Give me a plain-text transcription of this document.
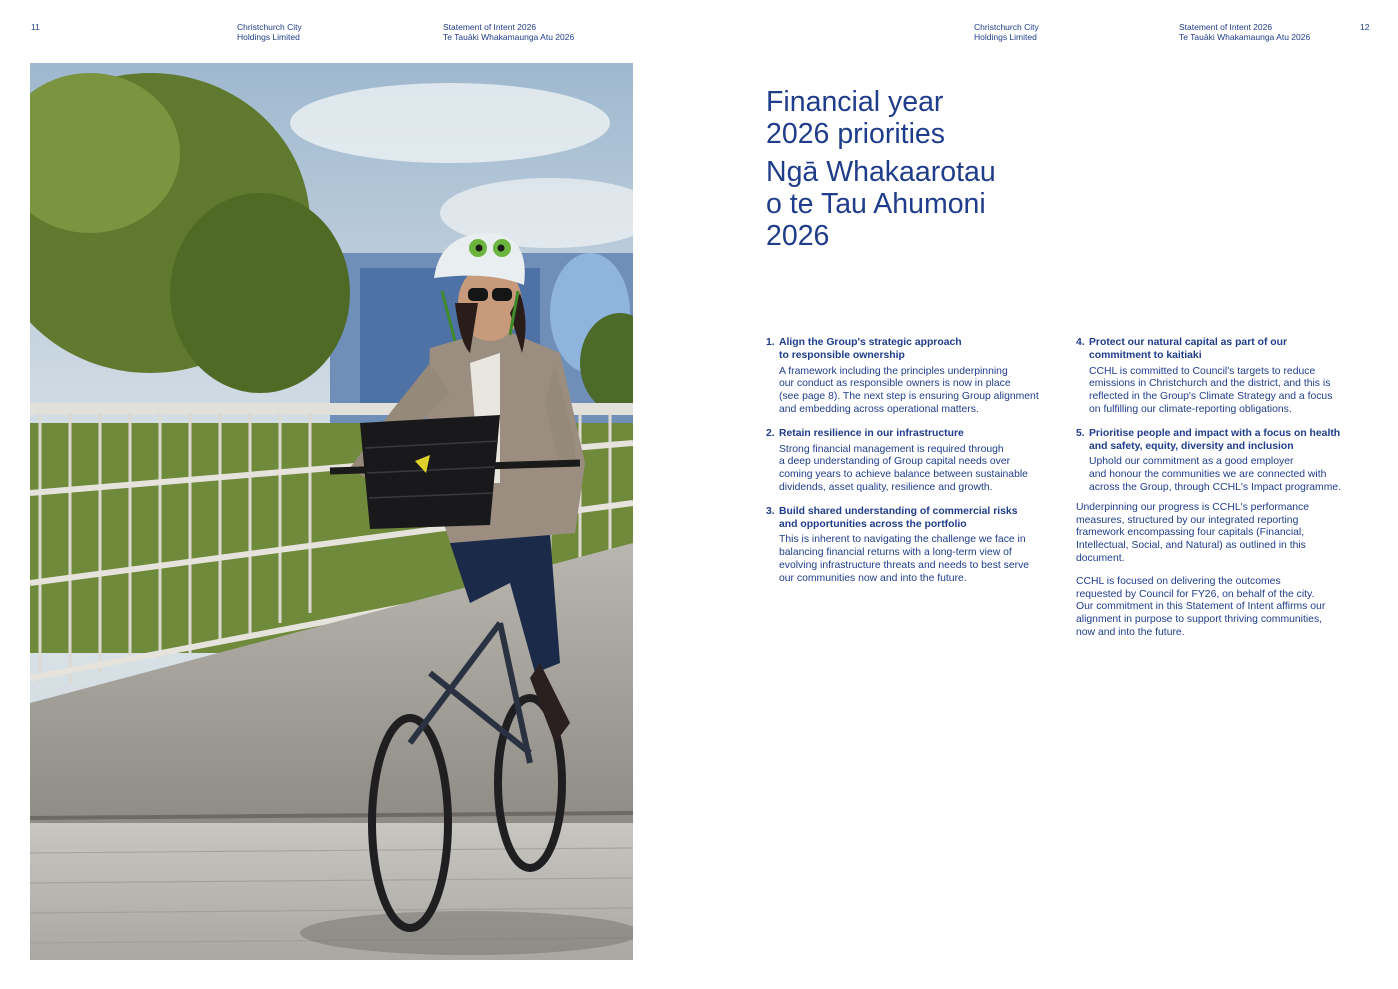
11	Christchurch City
Holdings Limited
Statement of Intent 2026
Te Tauāki Whakamaunga Atu 2026
Christchurch City
Holdings Limited
Statement of Intent 2026
Te Tauāki Whakamaunga Atu 2026
12
Financial year
2026 priorities
Ngā Whakaarotau
o te Tau Ahumoni
2026
1. Align the Group's strategic approach
to responsible ownership
A framework including the principles underpinning
our conduct as responsible owners is now in place
(see page 8). The next step is ensuring Group alignment
and embedding across operational matters.
2. Retain resilience in our infrastructure
Strong financial management is required through
a deep understanding of Group capital needs over
coming years to achieve balance between sustainable
dividends, asset quality, resilience and growth.
3. Build shared understanding of commercial risks
and opportunities across the portfolio
This is inherent to navigating the challenge we face in
balancing financial returns with a long-term view of
evolving infrastructure threats and needs to best serve
our communities now and into the future.
4. Protect our natural capital as part of our
commitment to kaitiaki
CCHL is committed to Council's targets to reduce
emissions in Christchurch and the district, and this is
reflected in the Group's Climate Strategy and a focus
on fulfilling our climate-reporting obligations.
5. Prioritise people and impact with a focus on health
and safety, equity, diversity and inclusion
Uphold our commitment as a good employer
and honour the communities we are connected with
across the Group, through CCHL's Impact programme.
Underpinning our progress is CCHL's performance
measures, structured by our integrated reporting
framework encompassing four capitals (Financial,
Intellectual, Social, and Natural) as outlined in this
document.
CCHL is focused on delivering the outcomes
requested by Council for FY26, on behalf of the city.
Our commitment in this Statement of Intent affirms our
alignment in purpose to support thriving communities,
now and into the future.
